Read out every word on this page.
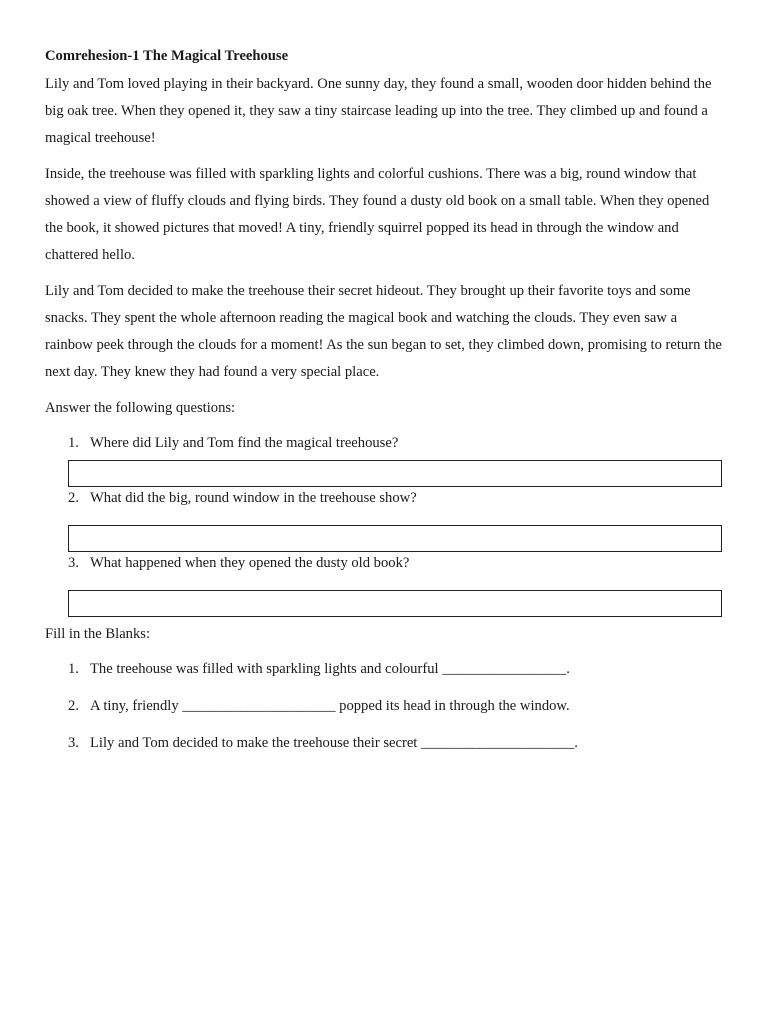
Comrehesion-1 The Magical Treehouse

Lily and Tom loved playing in their backyard. One sunny day, they found a small, wooden door hidden behind the big oak tree. When they opened it, they saw a tiny staircase leading up into the tree. They climbed up and found a magical treehouse!

Inside, the treehouse was filled with sparkling lights and colorful cushions. There was a big, round window that showed a view of fluffy clouds and flying birds. They found a dusty old book on a small table. When they opened the book, it showed pictures that moved! A tiny, friendly squirrel popped its head in through the window and chattered hello.

Lily and Tom decided to make the treehouse their secret hideout. They brought up their favorite toys and some snacks. They spent the whole afternoon reading the magical book and watching the clouds. They even saw a rainbow peek through the clouds for a moment! As the sun began to set, they climbed down, promising to return the next day. They knew they had found a very special place.

Answer the following questions:

1. Where did Lily and Tom find the magical treehouse?
2. What did the big, round window in the treehouse show?
3. What happened when they opened the dusty old book?

Fill in the Blanks:

1. The treehouse was filled with sparkling lights and colourful _________________.
2. A tiny, friendly _____________________ popped its head in through the window.
3. Lily and Tom decided to make the treehouse their secret _____________________.
